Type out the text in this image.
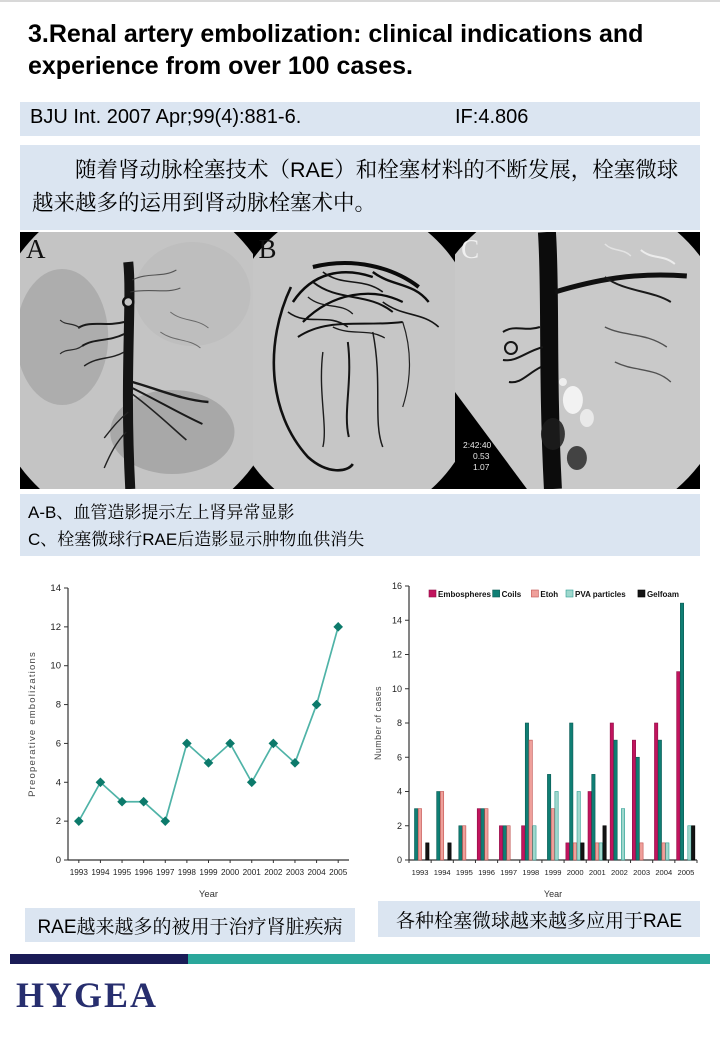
3.Renal artery embolization: clinical indications and experience from over 100 cases.
BJU Int. 2007 Apr;99(4):881-6.	IF:4.806

随着肾动脉栓塞技术（RAE）和栓塞材料的不断发展，栓塞微球越来越多的运用到肾动脉栓塞术中。

A	B
2:42:40
0.53
1.07
C
A-B、血管造影提示左上肾异常显影
C、栓塞微球行RAE后造影显示肿物血供消失
0
2
4
6
8
10
12
14
1993 1994 1995 1996 1997 1998 1999 2000 2001 2002 2003 2004 2005
Year
Preoperative embolizations
0
2
4
6
8
10
12
14
16
1993 1994 1995 1996 1997 1998 1999 2000 2001 2002 2003 2004 2005
Year
Number of cases
Embospheres Coils Etoh PVA particles	Gelfoam
RAE越来越多的被用于治疗肾脏疾病	各种栓塞微球越来越多应用于RAE
HYGEA
